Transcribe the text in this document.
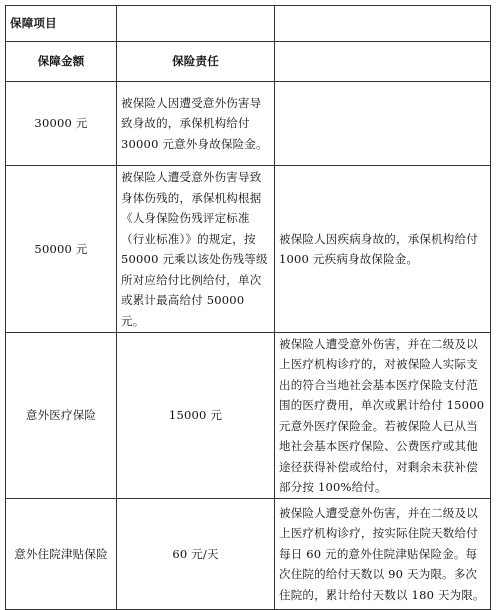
保障项目		
保障金额	保险责任	
30000 元	被保险人因遭受意外伤害导致身故的，承保机构给付 30000 元意外身故保险金。	
50000 元	被保险人遭受意外伤害导致身体伤残的，承保机构根据《人身保险伤残评定标准（行业标准）》的规定，按 50000 元乘以该处伤残等级所对应给付比例给付，单次或累计最高给付 50000 元。	被保险人因疾病身故的，承保机构给付 1000 元疾病身故保险金。
意外医疗保险	15000 元	被保险人遭受意外伤害，并在二级及以上医疗机构诊疗的，对被保险人实际支出的符合当地社会基本医疗保险支付范围的医疗费用，单次或累计给付 15000 元意外医疗保险金。若被保险人已从当地社会基本医疗保险、公费医疗或其他途径获得补偿或给付，对剩余未获补偿部分按 100%给付。
意外住院津贴保险	60 元/天	被保险人遭受意外伤害，并在二级及以上医疗机构诊疗，按实际住院天数给付每日 60 元的意外住院津贴保险金。每次住院的给付天数以 90 天为限。多次住院的，累计给付天数以 180 天为限。
